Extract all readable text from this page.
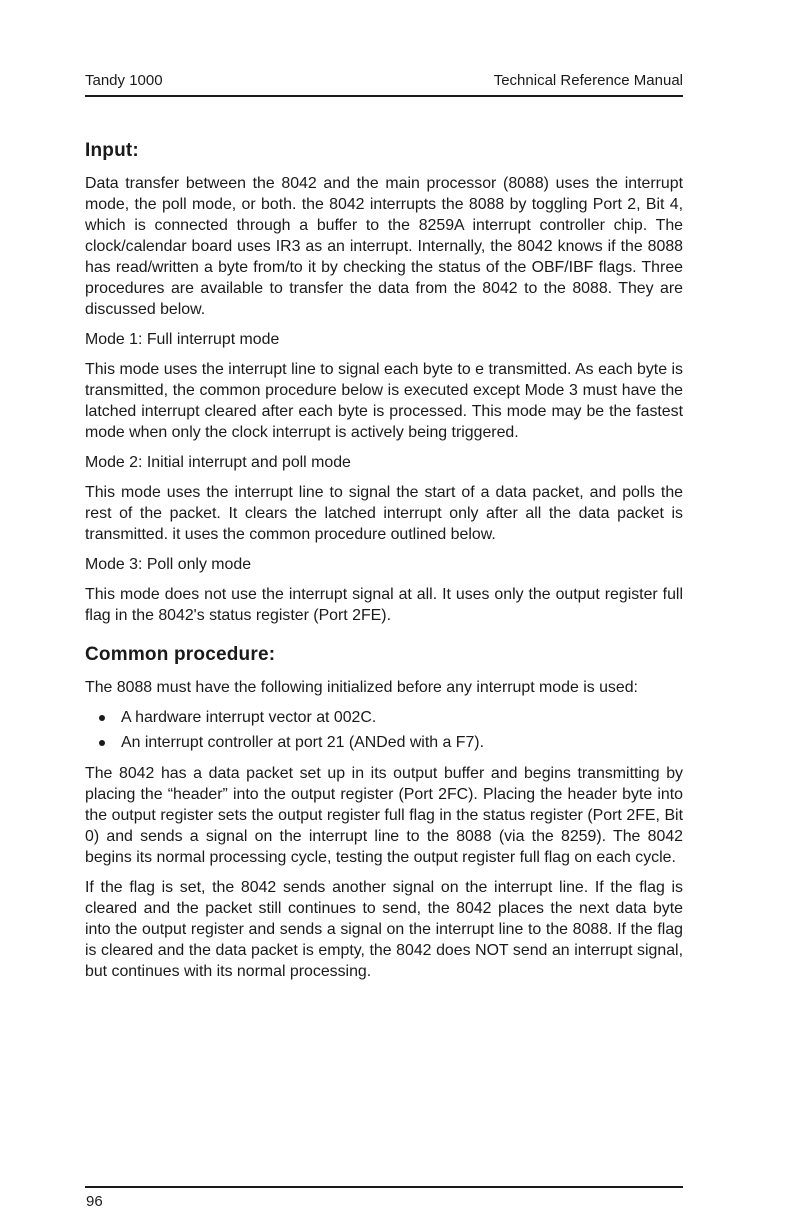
Tandy 1000	Technical Reference Manual
Input:

Data transfer between the 8042 and the main processor (8088) uses the interrupt mode, the poll mode, or both. the 8042 interrupts the 8088 by toggling Port 2, Bit 4, which is connected through a buffer to the 8259A interrupt controller chip. The clock/calendar board uses IR3 as an interrupt. Internally, the 8042 knows if the 8088 has read/written a byte from/to it by checking the status of the OBF/IBF flags. Three procedures are available to transfer the data from the 8042 to the 8088. They are discussed below.

Mode 1: Full interrupt mode

This mode uses the interrupt line to signal each byte to e transmitted. As each byte is transmitted, the common procedure below is executed except Mode 3 must have the latched interrupt cleared after each byte is processed. This mode may be the fastest mode when only the clock interrupt is actively being triggered.

Mode 2: Initial interrupt and poll mode

This mode uses the interrupt line to signal the start of a data packet, and polls the rest of the packet. It clears the latched interrupt only after all the data packet is transmitted. it uses the common procedure outlined below.

Mode 3: Poll only mode

This mode does not use the interrupt signal at all. It uses only the output register full flag in the 8042's status register (Port 2FE).

Common procedure:

The 8088 must have the following initialized before any interrupt mode is used:

A hardware interrupt vector at 002C.
An interrupt controller at port 21 (ANDed with a F7).

The 8042 has a data packet set up in its output buffer and begins transmitting by placing the “header” into the output register (Port 2FC). Placing the header byte into the output register sets the output register full flag in the status register (Port 2FE, Bit 0) and sends a signal on the interrupt line to the 8088 (via the 8259). The 8042 begins its normal processing cycle, testing the output register full flag on each cycle.

If the flag is set, the 8042 sends another signal on the interrupt line. If the flag is cleared and the packet still continues to send, the 8042 places the next data byte into the output register and sends a signal on the interrupt line to the 8088. If the flag is cleared and the data packet is empty, the 8042 does NOT send an interrupt signal, but continues with its normal processing.

96
